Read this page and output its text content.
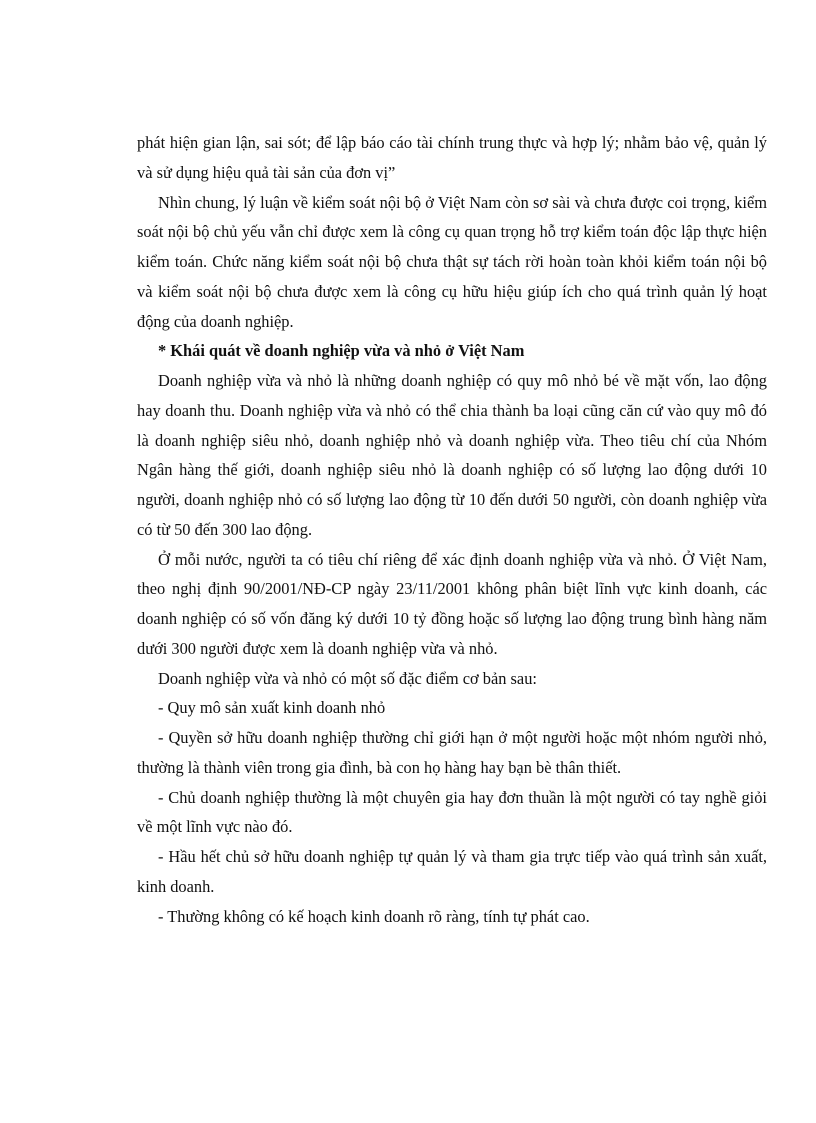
phát hiện gian lận, sai sót; để lập báo cáo tài chính trung thực và hợp lý; nhằm bảo vệ, quản lý và sử dụng hiệu quả tài sản của đơn vị”

Nhìn chung, lý luận về kiểm soát nội bộ ở Việt Nam còn sơ sài và chưa được coi trọng, kiểm soát nội bộ chủ yếu vẫn chỉ được xem là công cụ quan trọng hỗ trợ kiểm toán độc lập thực hiện kiểm toán. Chức năng kiểm soát nội bộ chưa thật sự tách rời hoàn toàn khỏi kiểm toán nội bộ và kiểm soát nội bộ chưa được xem là công cụ hữu hiệu giúp ích cho quá trình quản lý hoạt động của doanh nghiệp.

* Khái quát về doanh nghiệp vừa và nhỏ ở Việt Nam

Doanh nghiệp vừa và nhỏ là những doanh nghiệp có quy mô nhỏ bé về mặt vốn, lao động hay doanh thu. Doanh nghiệp vừa và nhỏ có thể chia thành ba loại cũng căn cứ vào quy mô đó là doanh nghiệp siêu nhỏ, doanh nghiệp nhỏ và doanh nghiệp vừa. Theo tiêu chí của Nhóm Ngân hàng thế giới, doanh nghiệp siêu nhỏ là doanh nghiệp có số lượng lao động dưới 10 người, doanh nghiệp nhỏ có số lượng lao động từ 10 đến dưới 50 người, còn doanh nghiệp vừa có từ 50 đến 300 lao động.

Ở mỗi nước, người ta có tiêu chí riêng để xác định doanh nghiệp vừa và nhỏ. Ở Việt Nam, theo nghị định 90/2001/NĐ-CP ngày 23/11/2001 không phân biệt lĩnh vực kinh doanh, các doanh nghiệp có số vốn đăng ký dưới 10 tỷ đồng hoặc số lượng lao động trung bình hàng năm dưới 300 người được xem là doanh nghiệp vừa và nhỏ.

Doanh nghiệp vừa và nhỏ có một số đặc điểm cơ bản sau:

- Quy mô sản xuất kinh doanh nhỏ

- Quyền sở hữu doanh nghiệp thường chỉ giới hạn ở một người hoặc một nhóm người nhỏ, thường là thành viên trong gia đình, bà con họ hàng hay bạn bè thân thiết.

- Chủ doanh nghiệp thường là một chuyên gia hay đơn thuần là một người có tay nghề giỏi về một lĩnh vực nào đó.

- Hầu hết chủ sở hữu doanh nghiệp tự quản lý và tham gia trực tiếp vào quá trình sản xuất, kinh doanh.

- Thường không có kế hoạch kinh doanh rõ ràng, tính tự phát cao.
